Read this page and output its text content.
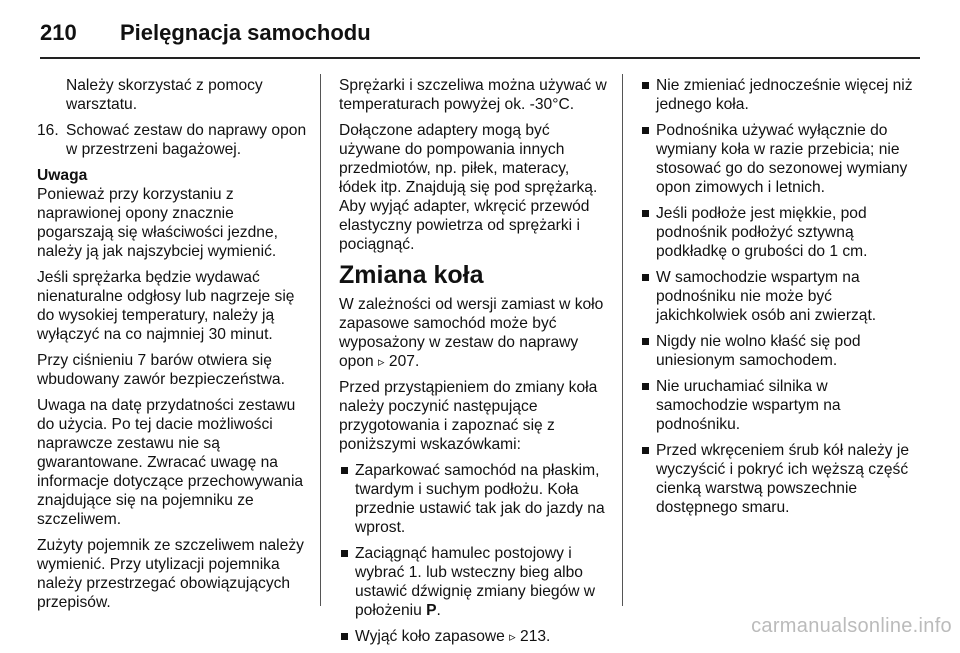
210 Pielęgnacja samochodu

Należy skorzystać z pomocy warsztatu.

16. Schować zestaw do naprawy opon w przestrzeni bagażowej.
Uwaga

Ponieważ przy korzystaniu z naprawionej opony znacznie pogarszają się właściwości jezdne, należy ją jak najszybciej wymienić.

Jeśli sprężarka będzie wydawać nienaturalne odgłosy lub nagrzeje się do wysokiej temperatury, należy ją wyłączyć na co najmniej 30 minut.

Przy ciśnieniu 7 barów otwiera się wbudowany zawór bezpieczeństwa.

Uwaga na datę przydatności zestawu do użycia. Po tej dacie możliwości naprawcze zestawu nie są gwarantowane. Zwracać uwagę na informacje dotyczące przechowywania znajdujące się na pojemniku ze szczeliwem.

Zużyty pojemnik ze szczeliwem należy wymienić. Przy utylizacji pojemnika należy przestrzegać obowiązujących przepisów.

Sprężarki i szczeliwa można używać w temperaturach powyżej ok. -30°C.

Dołączone adaptery mogą być używane do pompowania innych przedmiotów, np. piłek, materacy, łódek itp. Znajdują się pod sprężarką. Aby wyjąć adapter, wkręcić przewód elastyczny powietrza od sprężarki i pociągnąć.

Zmiana koła

W zależności od wersji zamiast w koło zapasowe samochód może być wyposażony w zestaw do naprawy opon ▹ 207.

Przed przystąpieniem do zmiany koła należy poczynić następujące przygotowania i zapoznać się z poniższymi wskazówkami:

Zaparkować samochód na płaskim, twardym i suchym podłożu. Koła przednie ustawić tak jak do jazdy na wprost.
Zaciągnąć hamulec postojowy i wybrać 1. lub wsteczny bieg albo ustawić dźwignię zmiany biegów w położeniu P.
Wyjąć koło zapasowe ▹ 213.
Nie zmieniać jednocześnie więcej niż jednego koła.
Podnośnika używać wyłącznie do wymiany koła w razie przebicia; nie stosować go do sezonowej wymiany opon zimowych i letnich.
Jeśli podłoże jest miękkie, pod podnośnik podłożyć sztywną podkładkę o grubości do 1 cm.
W samochodzie wspartym na podnośniku nie może być jakichkolwiek osób ani zwierząt.
Nigdy nie wolno kłaść się pod uniesionym samochodem.
Nie uruchamiać silnika w samochodzie wspartym na podnośniku.
Przed wkręceniem śrub kół należy je wyczyścić i pokryć ich węższą część cienką warstwą powszechnie dostępnego smaru.
carmanualsonline.info
